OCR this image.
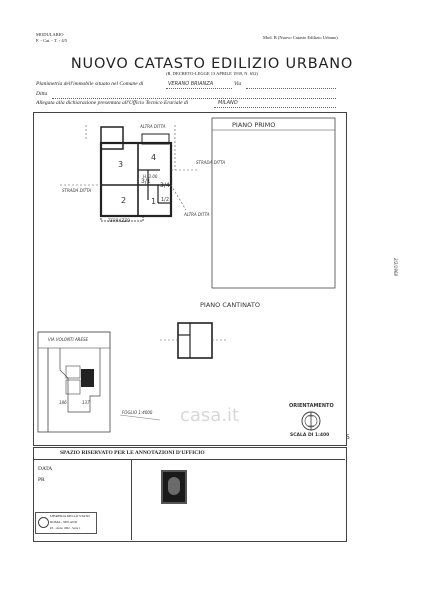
MODULARIO
F. - Cat. - T. - 4/5
Mod. B (Nuovo Catasto Edilizio Urbano)
NUOVO CATASTO EDILIZIO URBANO
(R. DECRETO-LEGGE 13 APRILE 1939, N. 652)
Planimetria dell'immobile situato nel Comune di	VERANO BRIANZA	Via
Ditta
Allegata alla dichiarazione presentata all'Ufficio Tecnico Erariale di	MILANO
PIANO PRIMO
3
4
3/1
2	1
3/4
1/2
H. 3.00
ALTRA DITTA
STRADA DITTA
STRADA DITTA
ALTRA DITTA
TERRAZZO
PIANO CANTINATO
VIA VOLONTI ARESE
186	137
FOGLIO 1:4000
ORIENTAMENTO
SCALA DI 1:400	5
casa.it
SPAZIO RISERVATO PER LE ANNOTAZIONI D'UFFICIO
DATA
PR
LIBRERIA DELLO STATO
ROMA - MILANO
P.I. - Anno 1962 - Serie 1
2/2/1968
